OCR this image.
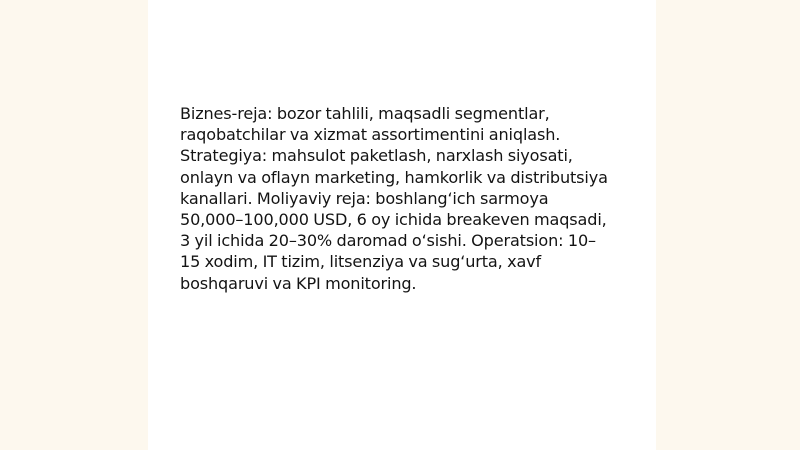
Biznes-reja: bozor tahlili, maqsadli segmentlar,
raqobatchilar va xizmat assortimentini aniqlash.
Strategiya: mahsulot paketlash, narxlash siyosati,
onlayn va oflayn marketing, hamkorlik va distributsiya
kanallari. Moliyaviy reja: boshlang‘ich sarmoya
50,000–100,000 USD, 6 oy ichida breakeven maqsadi,
3 yil ichida 20–30% daromad o‘sishi. Operatsion: 10–
15 xodim, IT tizim, litsenziya va sug‘urta, xavf
boshqaruvi va KPI monitoring.
